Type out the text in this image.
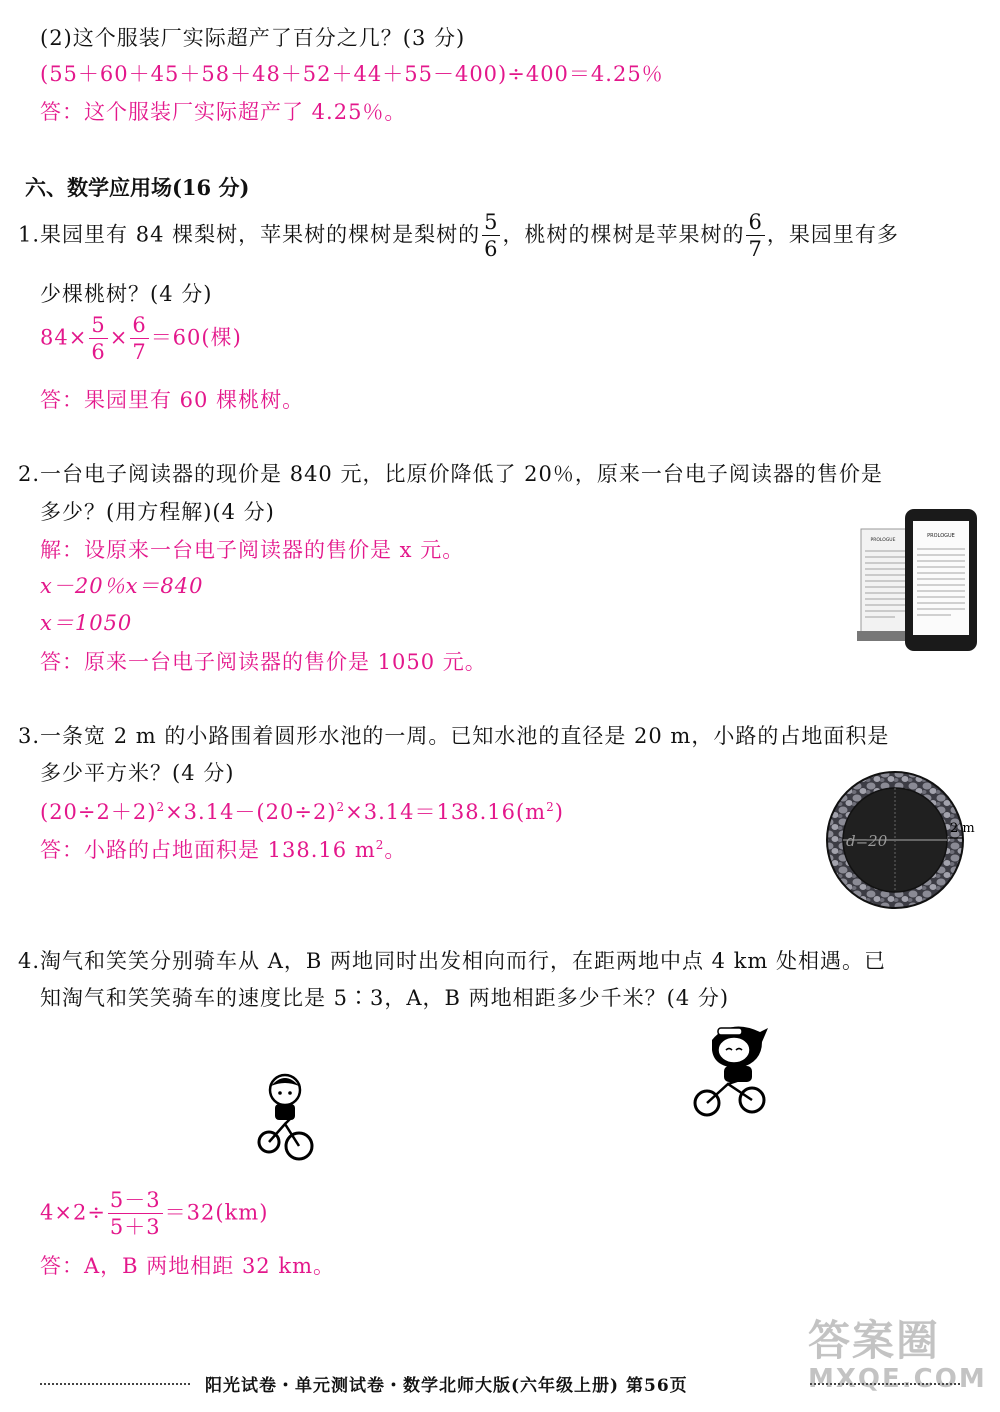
(2)这个服装厂实际超产了百分之几？(3 分)
(55＋60＋45＋58＋48＋52＋44＋55－400)÷400＝4.25％
答：这个服装厂实际超产了 4.25％。
六、数学应用场(16 分)
1.果园里有 84 棵梨树，苹果树的棵树是梨树的 $\frac{5}{6}$ ，桃树的棵树是苹果树的 $\frac{6}{7}$ ，果园里有多
少棵桃树？(4 分)
$84\times \frac{5}{6} \times \frac{6}{7} =60$(棵)
答：果园里有 60 棵桃树。
2.一台电子阅读器的现价是 840 元，比原价降低了 20％，原来一台电子阅读器的售价是
多少？(用方程解)(4 分)
解：设原来一台电子阅读器的售价是 x 元。
x－20％x＝840
x＝1050
答：原来一台电子阅读器的售价是 1050 元。
PROLOGUE
PROLOGUE
3.一条宽 2 m 的小路围着圆形水池的一周。已知水池的直径是 20 m，小路的占地面积是
多少平方米？(4 分)
$(20\div 2+2)^2\times 3.14-(20\div 2)^2\times 3.14=138.16(m^2)$
答：小路的占地面积是 138.16 $m^2$。	d=20
2 m
4.淘气和笑笑分别骑车从 A，B 两地同时出发相向而行，在距两地中点 4 km 处相遇。已
知淘气和笑笑骑车的速度比是 5∶3，A，B 两地相距多少千米？(4 分)
$4\times 2\div \frac{5-3}{5+3} =32(km)$
答：A，B 两地相距 32 km。
阳光试卷・单元测试卷・数学北师大版(六年级上册) 第56页
答案圈
MXQE.COM
